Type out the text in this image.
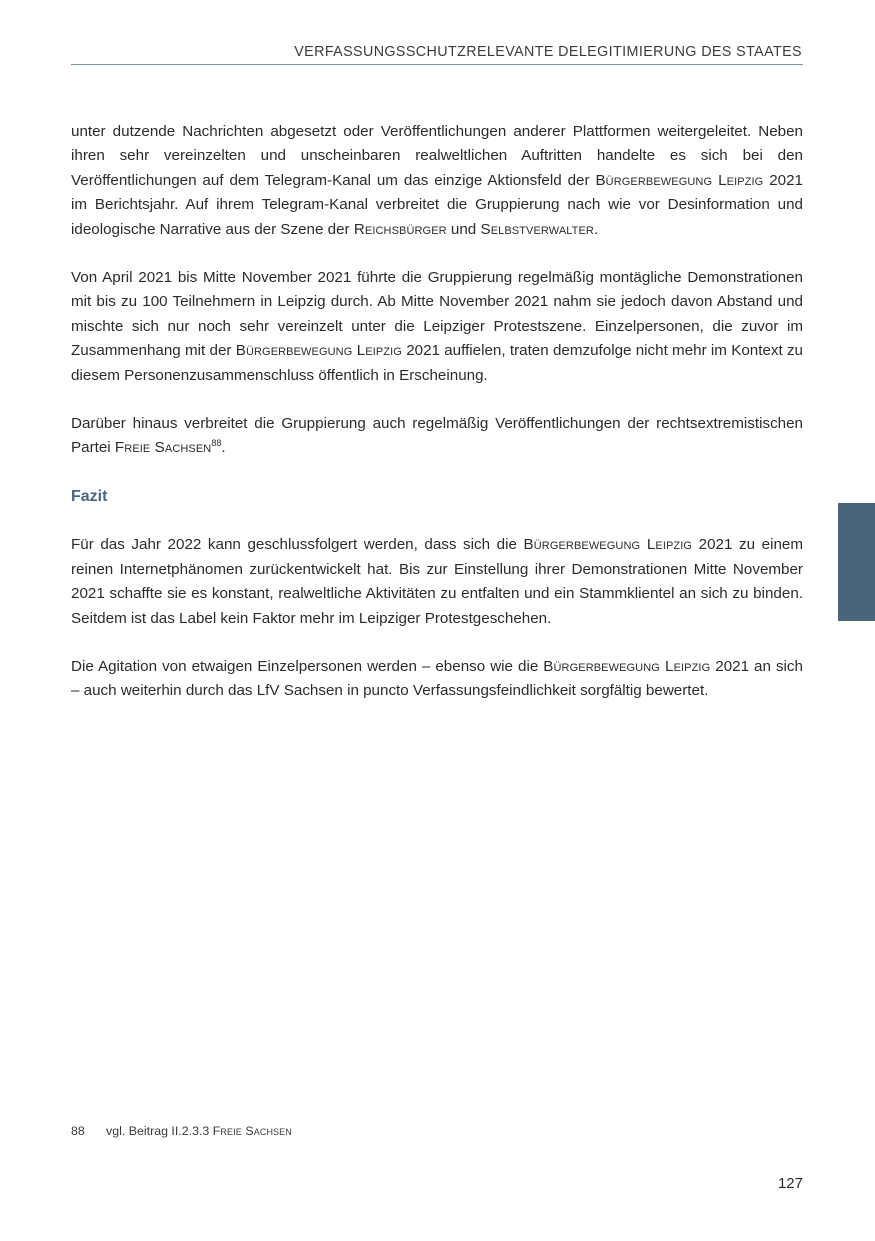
VERFASSUNGSSCHUTZRELEVANTE DELEGITIMIERUNG DES STAATES

unter dutzende Nachrichten abgesetzt oder Veröffentlichungen anderer Plattformen weitergeleitet. Neben ihren sehr vereinzelten und unscheinbaren realweltlichen Auftritten handelte es sich bei den Veröffentlichungen auf dem Telegram-Kanal um das einzige Aktionsfeld der Bürgerbewegung Leipzig 2021 im Berichtsjahr. Auf ihrem Telegram-Kanal verbreitet die Gruppierung nach wie vor Desinformation und ideologische Narrative aus der Szene der Reichsbürger und Selbstverwalter.

Von April 2021 bis Mitte November 2021 führte die Gruppierung regelmäßig montägliche Demonstrationen mit bis zu 100 Teilnehmern in Leipzig durch. Ab Mitte November 2021 nahm sie jedoch davon Abstand und mischte sich nur noch sehr vereinzelt unter die Leipziger Protestszene. Einzelpersonen, die zuvor im Zusammenhang mit der Bürgerbewegung Leipzig 2021 auffielen, traten demzufolge nicht mehr im Kontext zu diesem Personenzusammenschluss öffentlich in Erscheinung.

Darüber hinaus verbreitet die Gruppierung auch regelmäßig Veröffentlichungen der rechtsextremistischen Partei Freie Sachsen$^{88}$.

Fazit

Für das Jahr 2022 kann geschlussfolgert werden, dass sich die Bürgerbewegung Leipzig 2021 zu einem reinen Internetphänomen zurückentwickelt hat. Bis zur Einstellung ihrer Demonstrationen Mitte November 2021 schaffte sie es konstant, realweltliche Aktivitäten zu entfalten und ein Stammklientel an sich zu binden. Seitdem ist das Label kein Faktor mehr im Leipziger Protestgeschehen.

Die Agitation von etwaigen Einzelpersonen werden – ebenso wie die Bürgerbewegung Leipzig 2021 an sich – auch weiterhin durch das LfV Sachsen in puncto Verfassungsfeindlichkeit sorgfältig bewertet.

88 vgl. Beitrag II.2.3.3 Freie Sachsen
127
